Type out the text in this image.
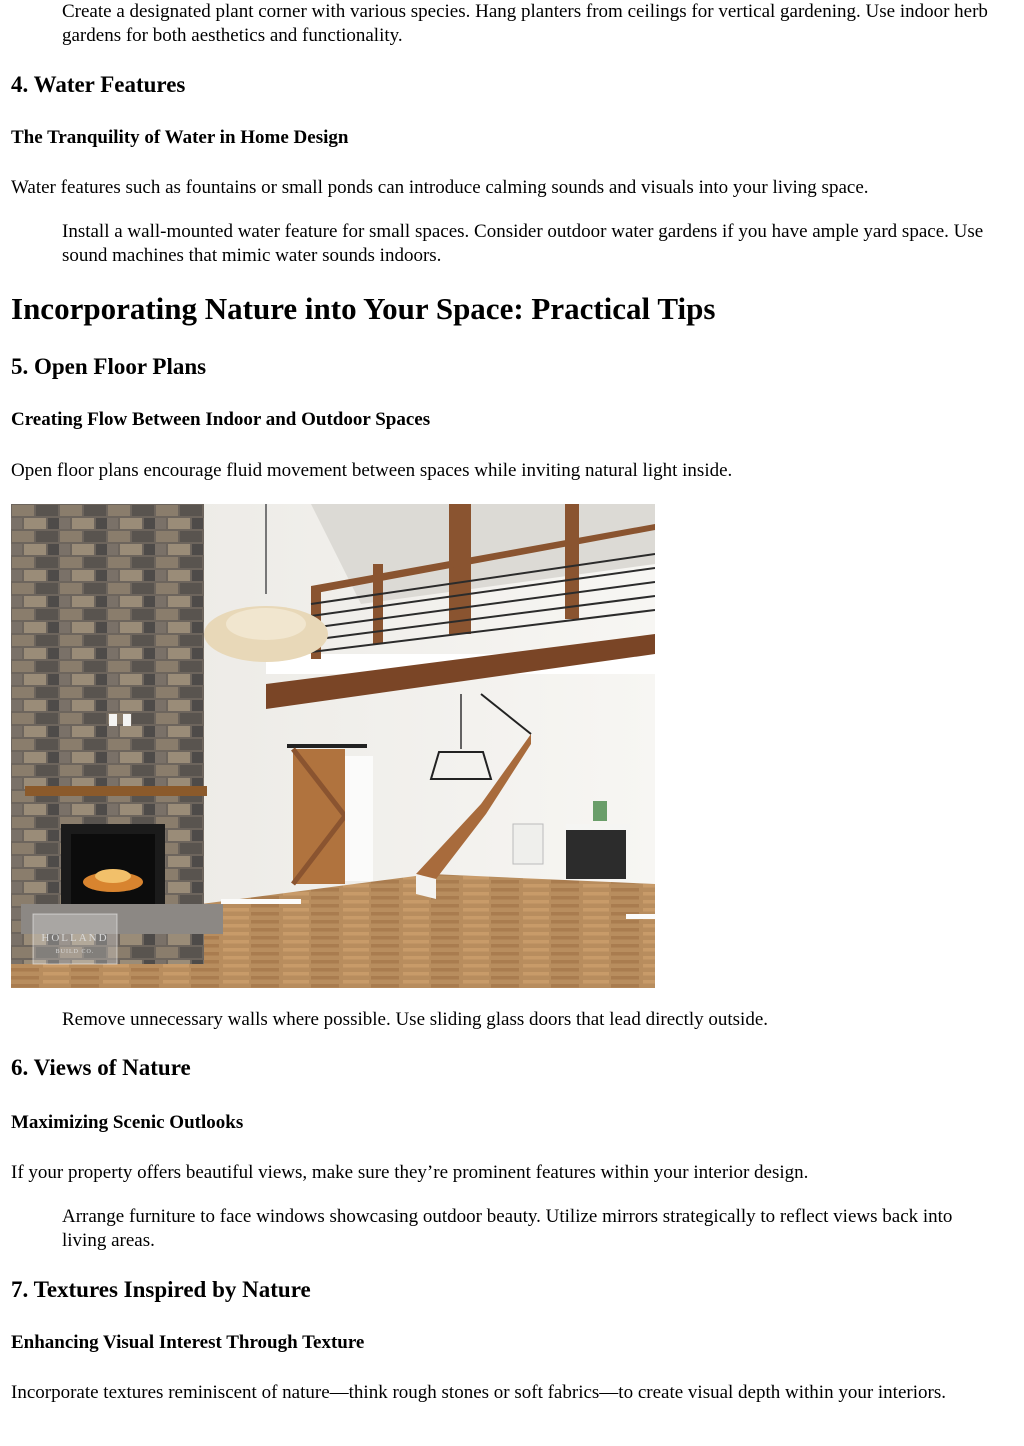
Create a designated plant corner with various species. Hang planters from ceilings for vertical gardening. Use indoor herb gardens for both aesthetics and functionality.

4. Water Features
The Tranquility of Water in Home Design

Water features such as fountains or small ponds can introduce calming sounds and visuals into your living space.

Install a wall-mounted water feature for small spaces. Consider outdoor water gardens if you have ample yard space. Use sound machines that mimic water sounds indoors.

Incorporating Nature into Your Space: Practical Tips
5. Open Floor Plans
Creating Flow Between Indoor and Outdoor Spaces

Open floor plans encourage fluid movement between spaces while inviting natural light inside.

HOLLAND
BUILD CO.

Remove unnecessary walls where possible. Use sliding glass doors that lead directly outside.

6. Views of Nature
Maximizing Scenic Outlooks

If your property offers beautiful views, make sure they’re prominent features within your interior design.

Arrange furniture to face windows showcasing outdoor beauty. Utilize mirrors strategically to reflect views back into living areas.

7. Textures Inspired by Nature
Enhancing Visual Interest Through Texture

Incorporate textures reminiscent of nature—think rough stones or soft fabrics—to create visual depth within your interiors.
